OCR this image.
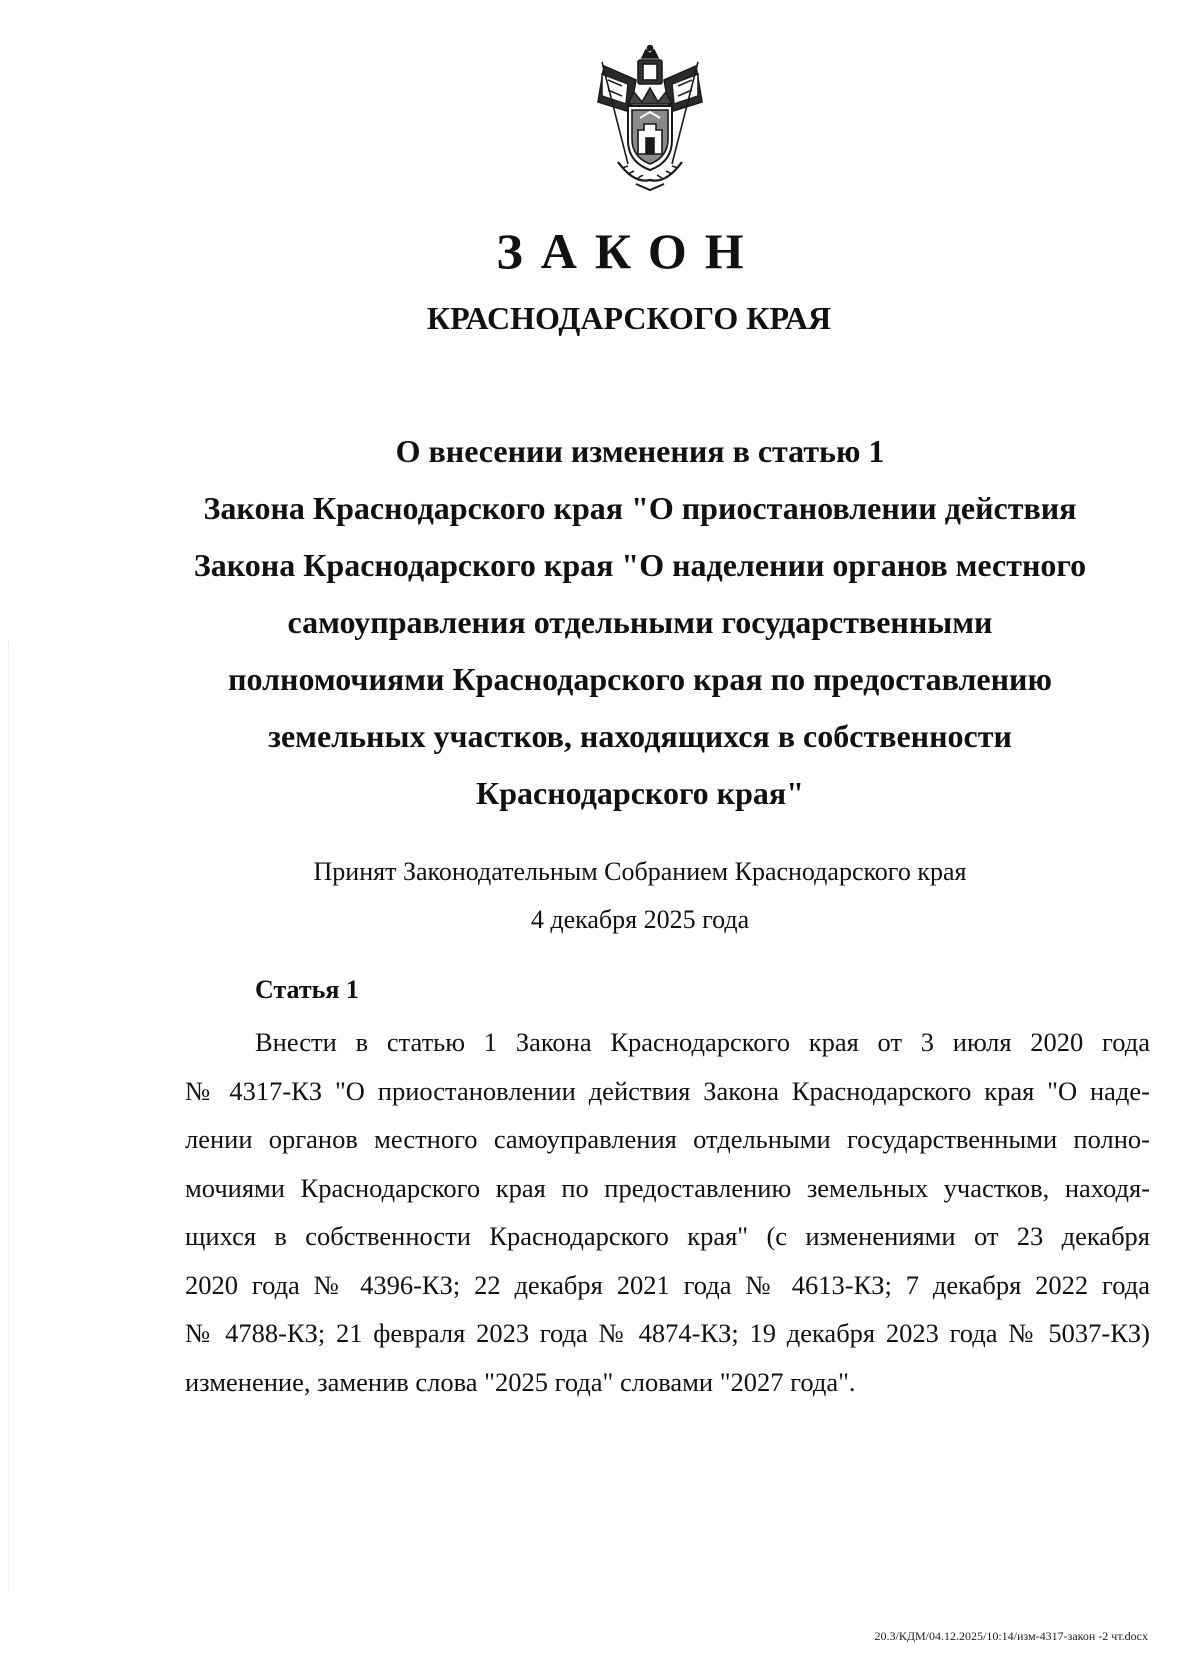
ЗАКОН
КРАСНОДАРСКОГО КРАЯ
О внесении изменения в статью 1
Закона Краснодарского края "О приостановлении действия
Закона Краснодарского края "О наделении органов местного
самоуправления отдельными государственными
полномочиями Краснодарского края по предоставлению
земельных участков, находящихся в собственности
Краснодарского края"
Принят Законодательным Собранием Краснодарского края
4 декабря 2025 года
Статья 1
Внести в статью 1 Закона Краснодарского края от 3 июля 2020 года
№ 4317-КЗ "О приостановлении действия Закона Краснодарского края "О наде-
лении органов местного самоуправления отдельными государственными полно-
мочиями Краснодарского края по предоставлению земельных участков, находя-
щихся в собственности Краснодарского края" (с изменениями от 23 декабря
2020 года № 4396-КЗ; 22 декабря 2021 года № 4613-КЗ; 7 декабря 2022 года
№ 4788-КЗ; 21 февраля 2023 года № 4874-КЗ; 19 декабря 2023 года № 5037-КЗ)
изменение, заменив слова "2025 года" словами "2027 года".
20.3/КДМ/04.12.2025/10:14/изм-4317-закон -2 чт.docx
